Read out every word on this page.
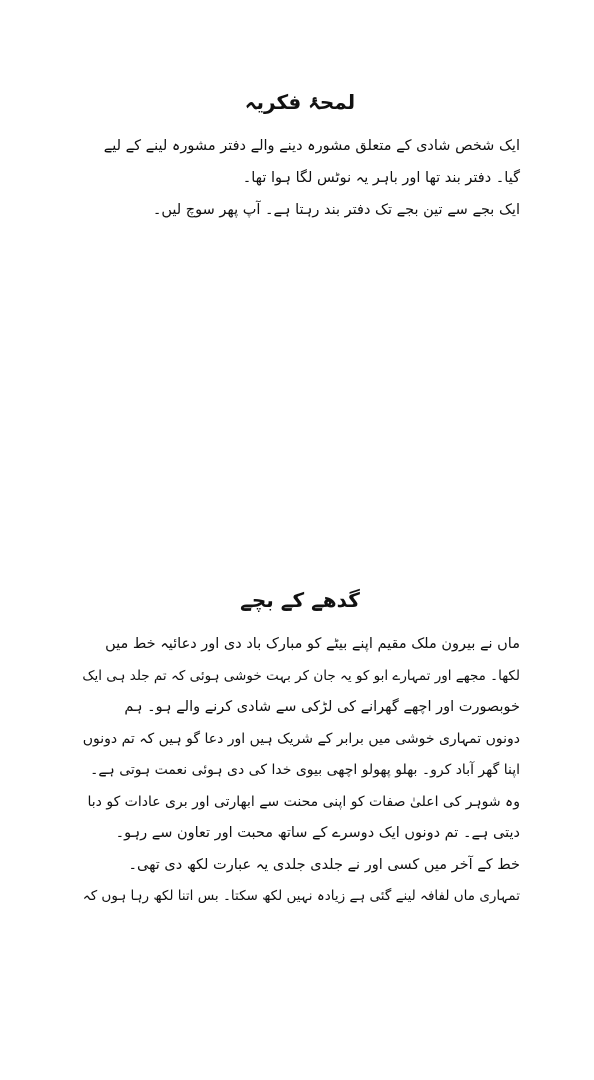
لمحۂ فکریہ

ایک شخص شادی کے متعلق مشورہ دینے والے دفتر مشورہ لینے کے لیے

گیا۔ دفتر بند تھا اور باہر یہ نوٹس لگا ہوا تھا۔

ایک بجے سے تین بجے تک دفتر بند رہتا ہے۔ آپ پھر سوچ لیں۔

گدھے کے بچے

ماں نے بیرون ملک مقیم اپنے بیٹے کو مبارک باد دی اور دعائیہ خط میں

لکھا۔ مجھے اور تمہارے ابو کو یہ جان کر بہت خوشی ہوئی کہ تم جلد ہی ایک

خوبصورت اور اچھے گھرانے کی لڑکی سے شادی کرنے والے ہو۔ ہم

دونوں تمہاری خوشی میں برابر کے شریک ہیں اور دعا گو ہیں کہ تم دونوں

اپنا گھر آباد کرو۔ بھلو پھولو اچھی بیوی خدا کی دی ہوئی نعمت ہوتی ہے۔

وہ شوہر کی اعلیٰ صفات کو اپنی محنت سے ابھارتی اور بری عادات کو دبا

دیتی ہے۔ تم دونوں ایک دوسرے کے ساتھ محبت اور تعاون سے رہو۔

خط کے آخر میں کسی اور نے جلدی جلدی یہ عبارت لکھ دی تھی۔

تمہاری ماں لفافہ لینے گئی ہے زیادہ نہیں لکھ سکتا۔ بس اتنا لکھ رہا ہوں کہ
